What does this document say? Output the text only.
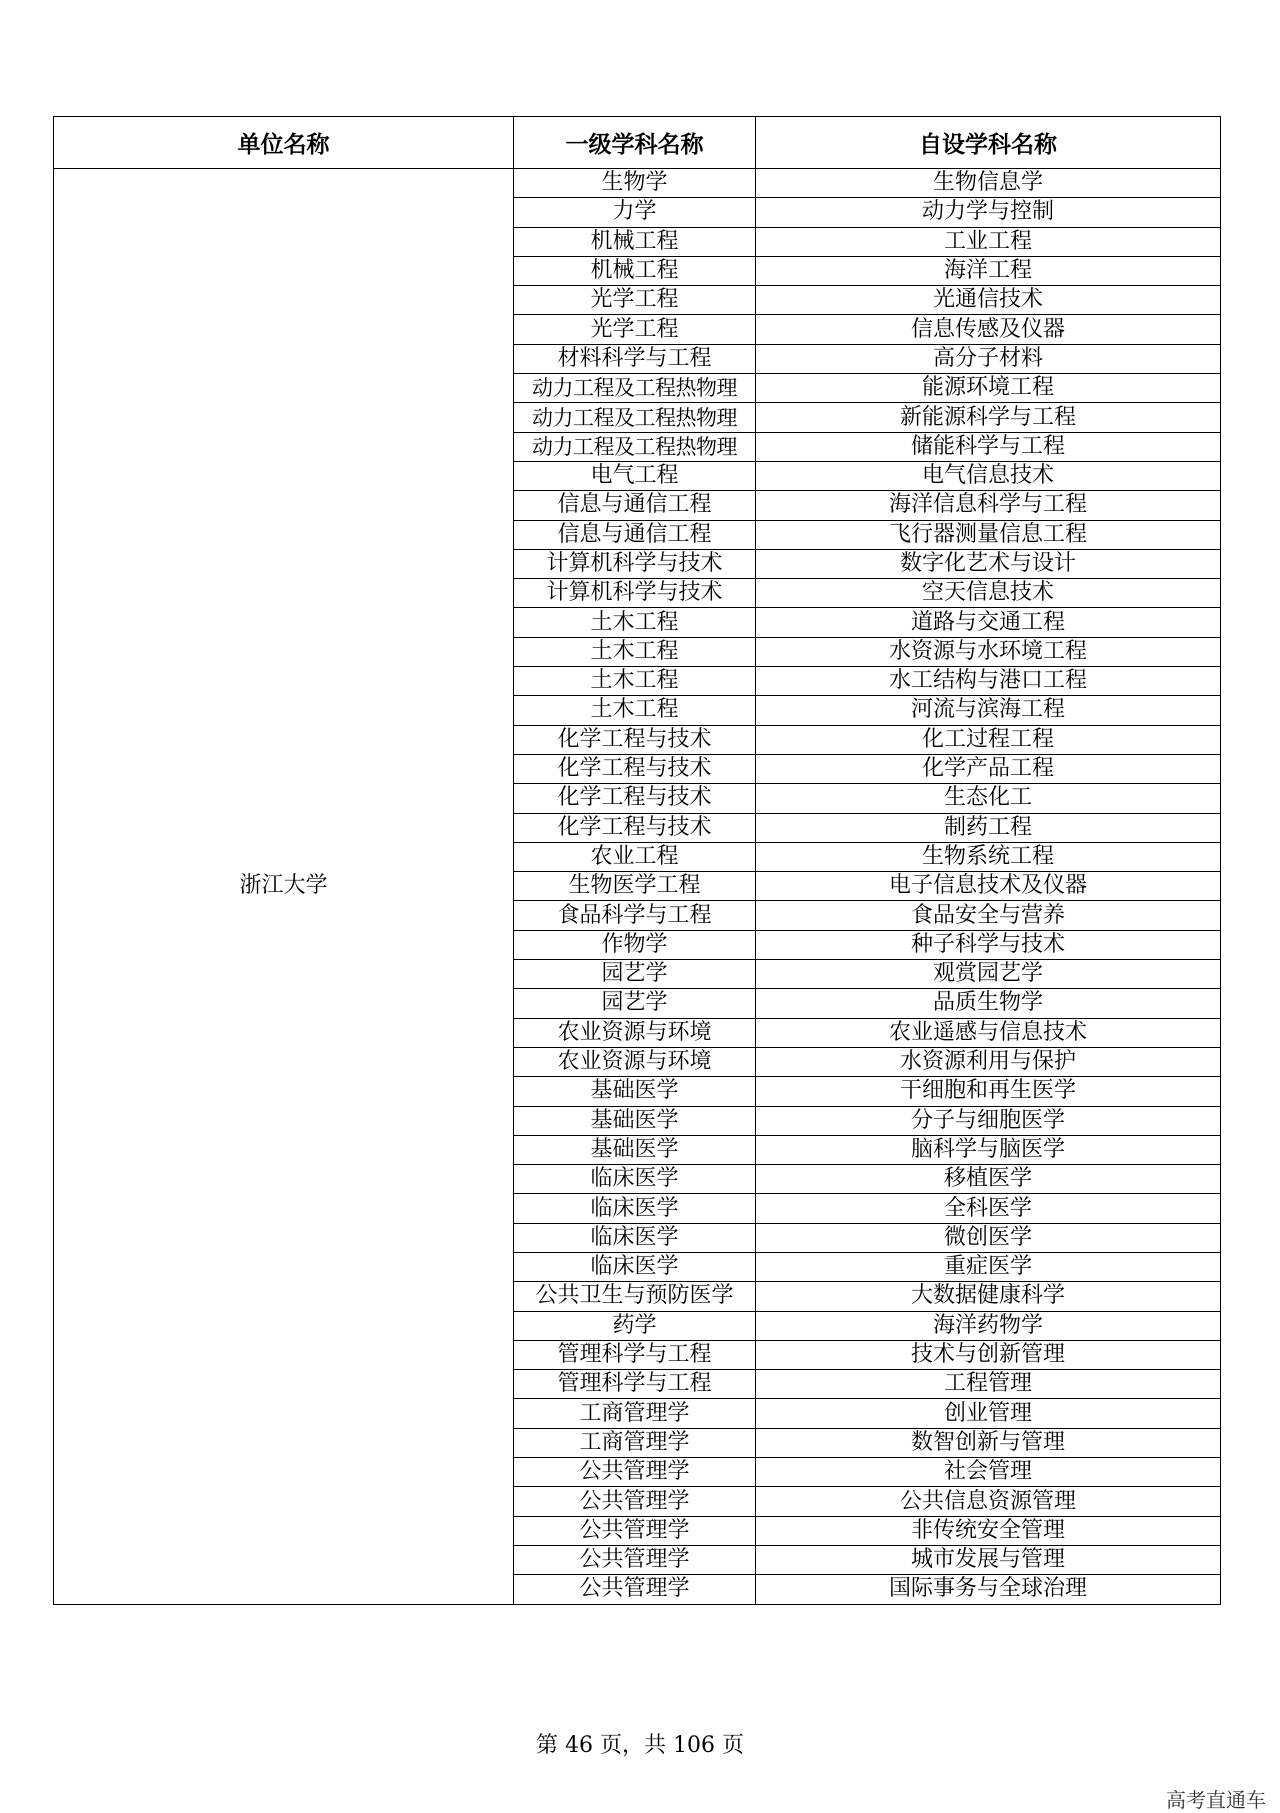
单位名称	一级学科名称	自设学科名称
浙江大学	生物学	生物信息学
	力学	动力学与控制
	机械工程	工业工程
	机械工程	海洋工程
	光学工程	光通信技术
	光学工程	信息传感及仪器
	材料科学与工程	高分子材料
	动力工程及工程热物理	能源环境工程
	动力工程及工程热物理	新能源科学与工程
	动力工程及工程热物理	储能科学与工程
	电气工程	电气信息技术
	信息与通信工程	海洋信息科学与工程
	信息与通信工程	飞行器测量信息工程
	计算机科学与技术	数字化艺术与设计
	计算机科学与技术	空天信息技术
	土木工程	道路与交通工程
	土木工程	水资源与水环境工程
	土木工程	水工结构与港口工程
	土木工程	河流与滨海工程
	化学工程与技术	化工过程工程
	化学工程与技术	化学产品工程
	化学工程与技术	生态化工
	化学工程与技术	制药工程
	农业工程	生物系统工程
	生物医学工程	电子信息技术及仪器
	食品科学与工程	食品安全与营养
	作物学	种子科学与技术
	园艺学	观赏园艺学
	园艺学	品质生物学
	农业资源与环境	农业遥感与信息技术
	农业资源与环境	水资源利用与保护
	基础医学	干细胞和再生医学
	基础医学	分子与细胞医学
	基础医学	脑科学与脑医学
	临床医学	移植医学
	临床医学	全科医学
	临床医学	微创医学
	临床医学	重症医学
	公共卫生与预防医学	大数据健康科学
	药学	海洋药物学
	管理科学与工程	技术与创新管理
	管理科学与工程	工程管理
	工商管理学	创业管理
	工商管理学	数智创新与管理
	公共管理学	社会管理
	公共管理学	公共信息资源管理
	公共管理学	非传统安全管理
	公共管理学	城市发展与管理
	公共管理学	国际事务与全球治理
第 46 页，共 106 页
高考直通车
